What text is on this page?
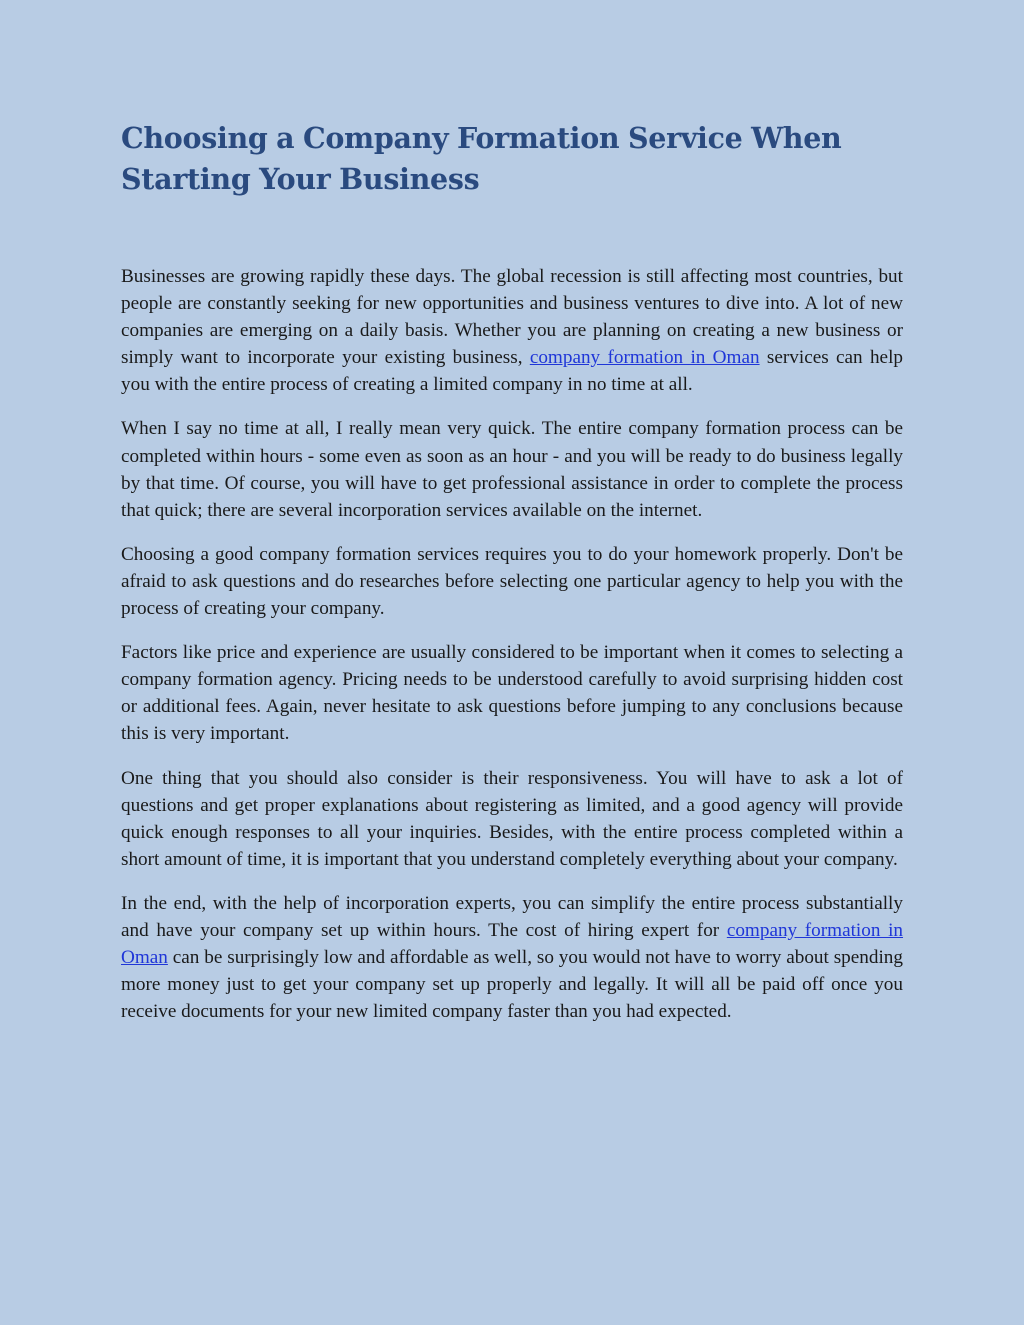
Choosing a Company Formation Service When Starting Your Business

Businesses are growing rapidly these days. The global recession is still affecting most countries, but people are constantly seeking for new opportunities and business ventures to dive into. A lot of new companies are emerging on a daily basis. Whether you are planning on creating a new business or simply want to incorporate your existing business, company formation in Oman services can help you with the entire process of creating a limited company in no time at all.

When I say no time at all, I really mean very quick. The entire company formation process can be completed within hours - some even as soon as an hour - and you will be ready to do business legally by that time. Of course, you will have to get professional assistance in order to complete the process that quick; there are several incorporation services available on the internet.

Choosing a good company formation services requires you to do your homework properly. Don't be afraid to ask questions and do researches before selecting one particular agency to help you with the process of creating your company.

Factors like price and experience are usually considered to be important when it comes to selecting a company formation agency. Pricing needs to be understood carefully to avoid surprising hidden cost or additional fees. Again, never hesitate to ask questions before jumping to any conclusions because this is very important.

One thing that you should also consider is their responsiveness. You will have to ask a lot of questions and get proper explanations about registering as limited, and a good agency will provide quick enough responses to all your inquiries. Besides, with the entire process completed within a short amount of time, it is important that you understand completely everything about your company.

In the end, with the help of incorporation experts, you can simplify the entire process substantially and have your company set up within hours. The cost of hiring expert for company formation in Oman can be surprisingly low and affordable as well, so you would not have to worry about spending more money just to get your company set up properly and legally. It will all be paid off once you receive documents for your new limited company faster than you had expected.
